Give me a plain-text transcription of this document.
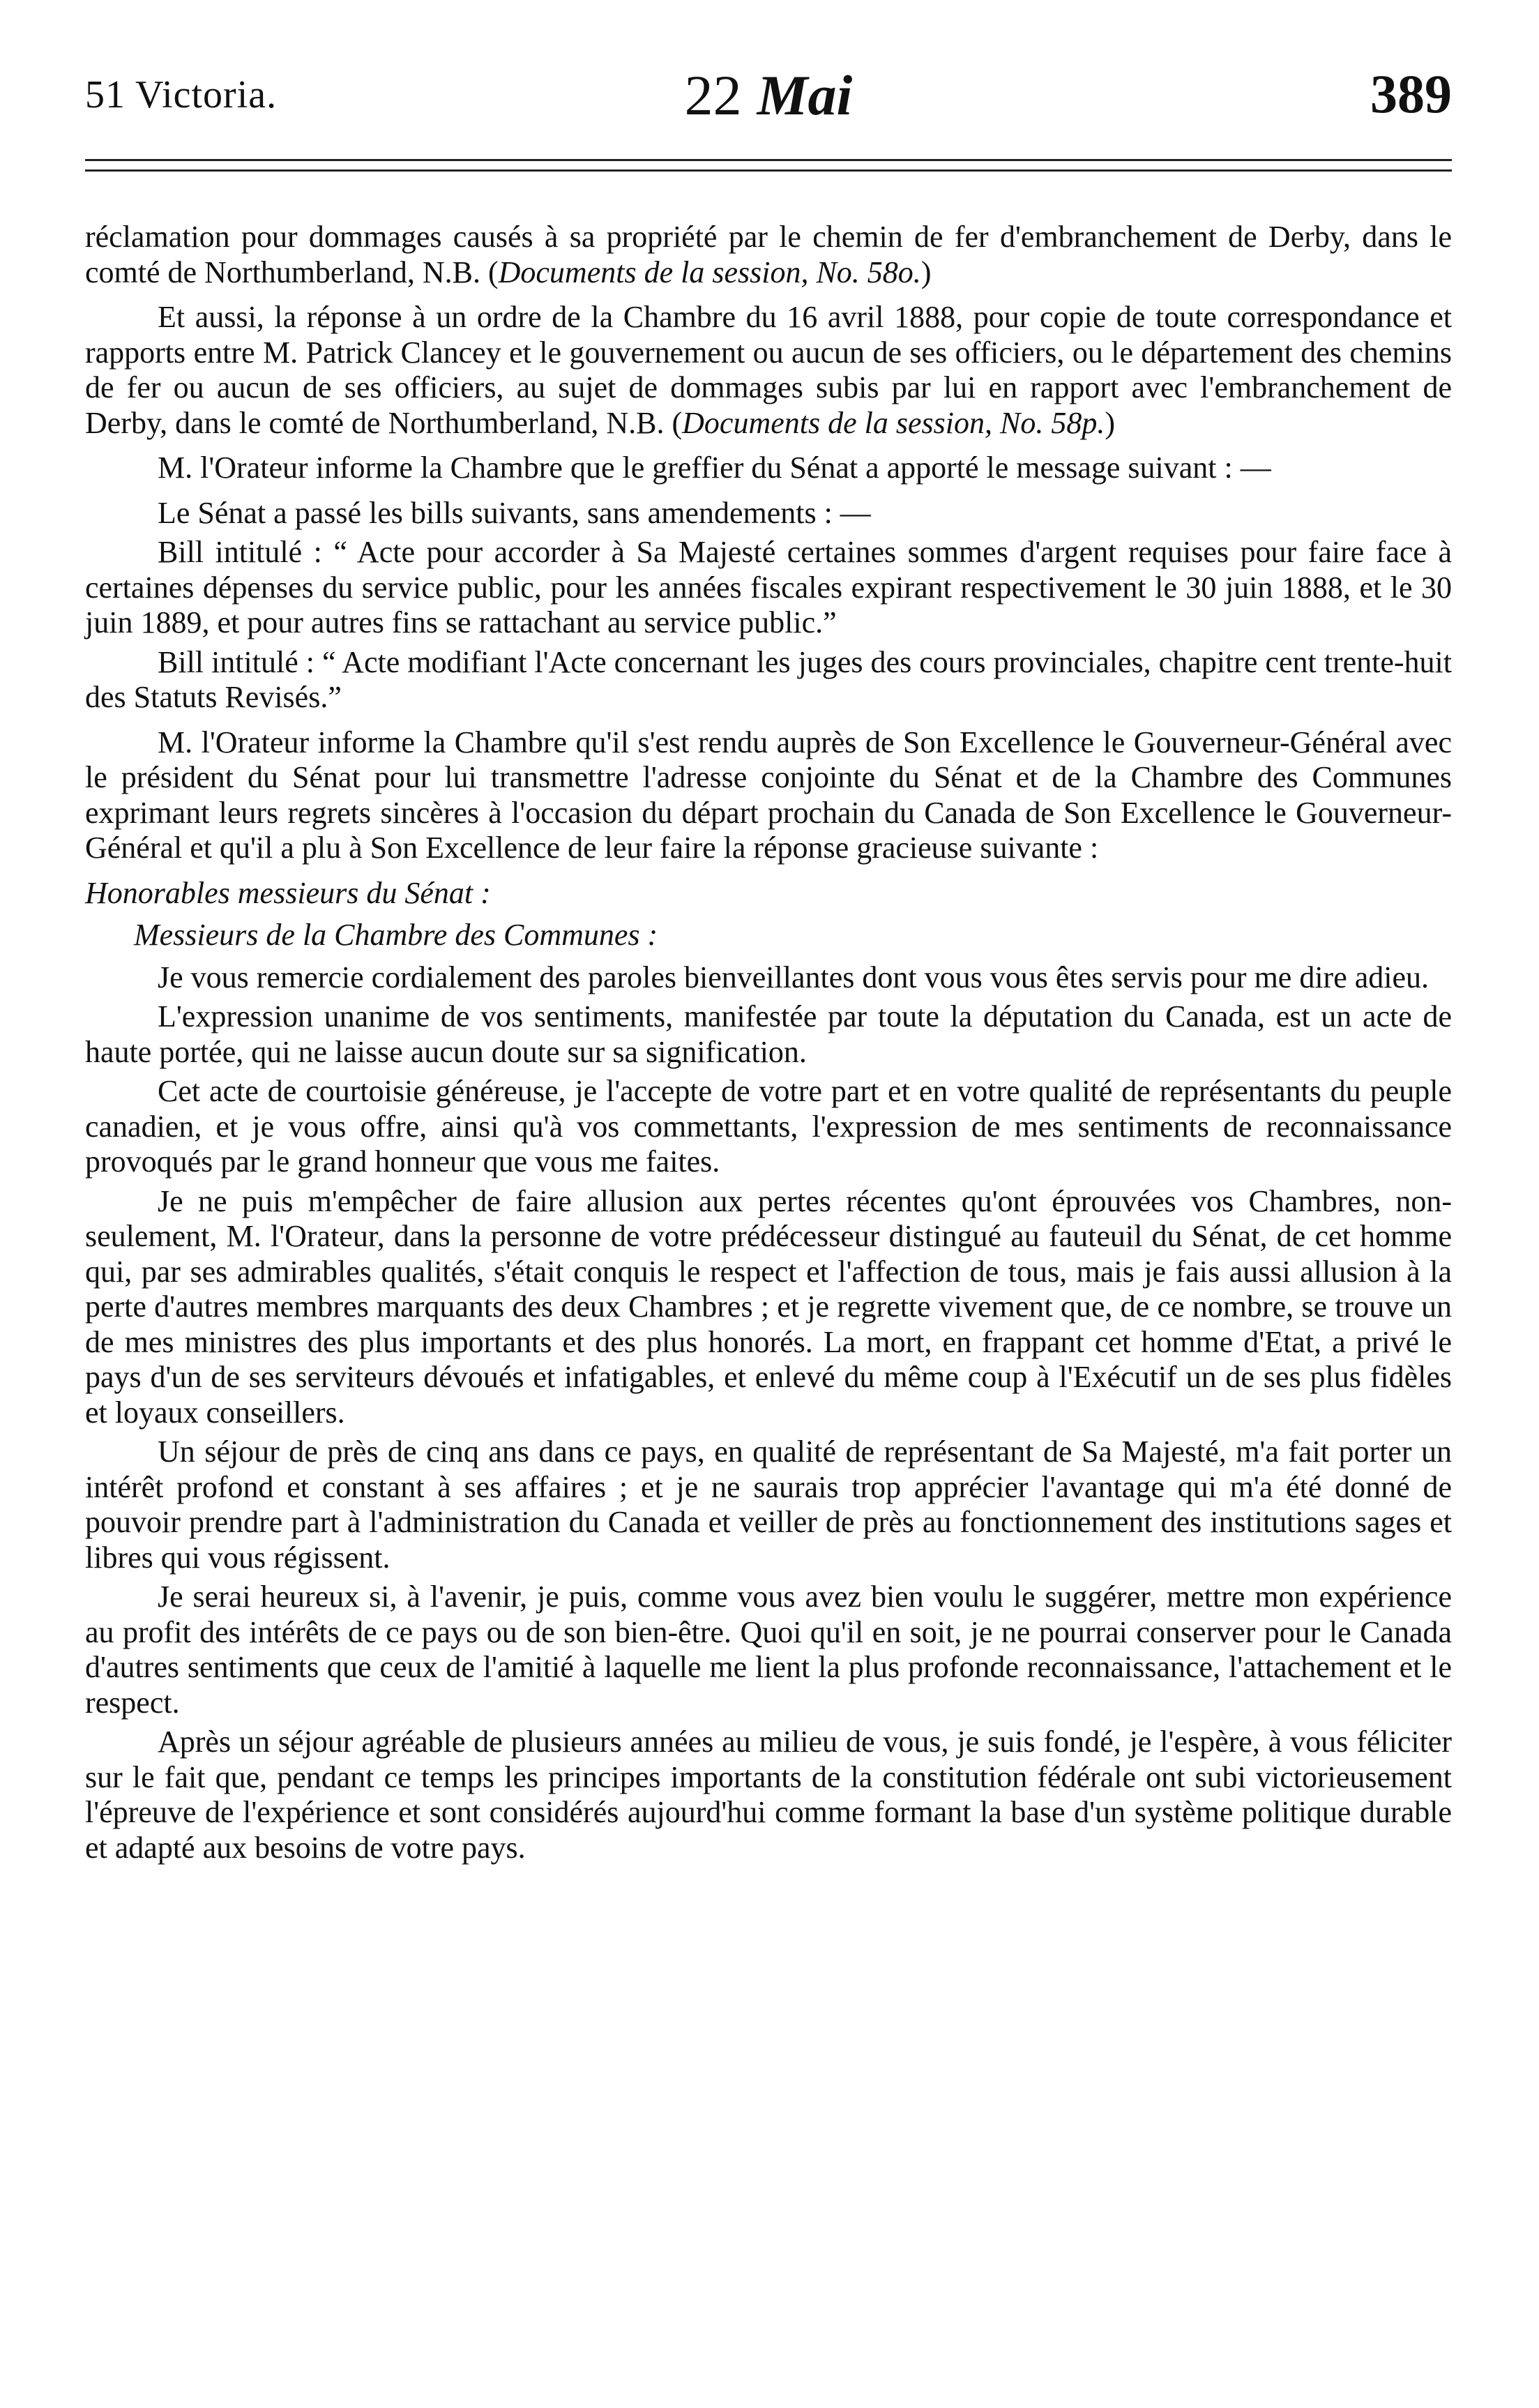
51 Victoria.	22 Mai	389

réclamation pour dommages causés à sa propriété par le chemin de fer d'embranchement de Derby, dans le comté de Northumberland, N.B. (Documents de la session, No. 58o.)

Et aussi, la réponse à un ordre de la Chambre du 16 avril 1888, pour copie de toute correspondance et rapports entre M. Patrick Clancey et le gouvernement ou aucun de ses officiers, ou le département des chemins de fer ou aucun de ses officiers, au sujet de dommages subis par lui en rapport avec l'embranchement de Derby, dans le comté de Northumberland, N.B. (Documents de la session, No. 58p.)

M. l'Orateur informe la Chambre que le greffier du Sénat a apporté le message suivant : —

Le Sénat a passé les bills suivants, sans amendements : —

Bill intitulé : “ Acte pour accorder à Sa Majesté certaines sommes d'argent requises pour faire face à certaines dépenses du service public, pour les années fiscales expirant respectivement le 30 juin 1888, et le 30 juin 1889, et pour autres fins se rattachant au service public.”

Bill intitulé : “ Acte modifiant l'Acte concernant les juges des cours provinciales, chapitre cent trente-huit des Statuts Revisés.”

M. l'Orateur informe la Chambre qu'il s'est rendu auprès de Son Excellence le Gouverneur-Général avec le président du Sénat pour lui transmettre l'adresse conjointe du Sénat et de la Chambre des Communes exprimant leurs regrets sincères à l'occasion du départ prochain du Canada de Son Excellence le Gouverneur-Général et qu'il a plu à Son Excellence de leur faire la réponse gracieuse suivante :

Honorables messieurs du Sénat :

Messieurs de la Chambre des Communes :

Je vous remercie cordialement des paroles bienveillantes dont vous vous êtes servis pour me dire adieu.

L'expression unanime de vos sentiments, manifestée par toute la députation du Canada, est un acte de haute portée, qui ne laisse aucun doute sur sa signification.

Cet acte de courtoisie généreuse, je l'accepte de votre part et en votre qualité de représentants du peuple canadien, et je vous offre, ainsi qu'à vos commettants, l'expression de mes sentiments de reconnaissance provoqués par le grand honneur que vous me faites.

Je ne puis m'empêcher de faire allusion aux pertes récentes qu'ont éprouvées vos Chambres, non-seulement, M. l'Orateur, dans la personne de votre prédécesseur distingué au fauteuil du Sénat, de cet homme qui, par ses admirables qualités, s'était conquis le respect et l'affection de tous, mais je fais aussi allusion à la perte d'autres membres marquants des deux Chambres ; et je regrette vivement que, de ce nombre, se trouve un de mes ministres des plus importants et des plus honorés. La mort, en frappant cet homme d'Etat, a privé le pays d'un de ses serviteurs dévoués et infatigables, et enlevé du même coup à l'Exécutif un de ses plus fidèles et loyaux conseillers.

Un séjour de près de cinq ans dans ce pays, en qualité de représentant de Sa Majesté, m'a fait porter un intérêt profond et constant à ses affaires ; et je ne saurais trop apprécier l'avantage qui m'a été donné de pouvoir prendre part à l'administration du Canada et veiller de près au fonctionnement des institutions sages et libres qui vous régissent.

Je serai heureux si, à l'avenir, je puis, comme vous avez bien voulu le suggérer, mettre mon expérience au profit des intérêts de ce pays ou de son bien-être. Quoi qu'il en soit, je ne pourrai conserver pour le Canada d'autres sentiments que ceux de l'amitié à laquelle me lient la plus profonde reconnaissance, l'attachement et le respect.

Après un séjour agréable de plusieurs années au milieu de vous, je suis fondé, je l'espère, à vous féliciter sur le fait que, pendant ce temps les principes importants de la constitution fédérale ont subi victorieusement l'épreuve de l'expérience et sont considérés aujourd'hui comme formant la base d'un système politique durable et adapté aux besoins de votre pays.
